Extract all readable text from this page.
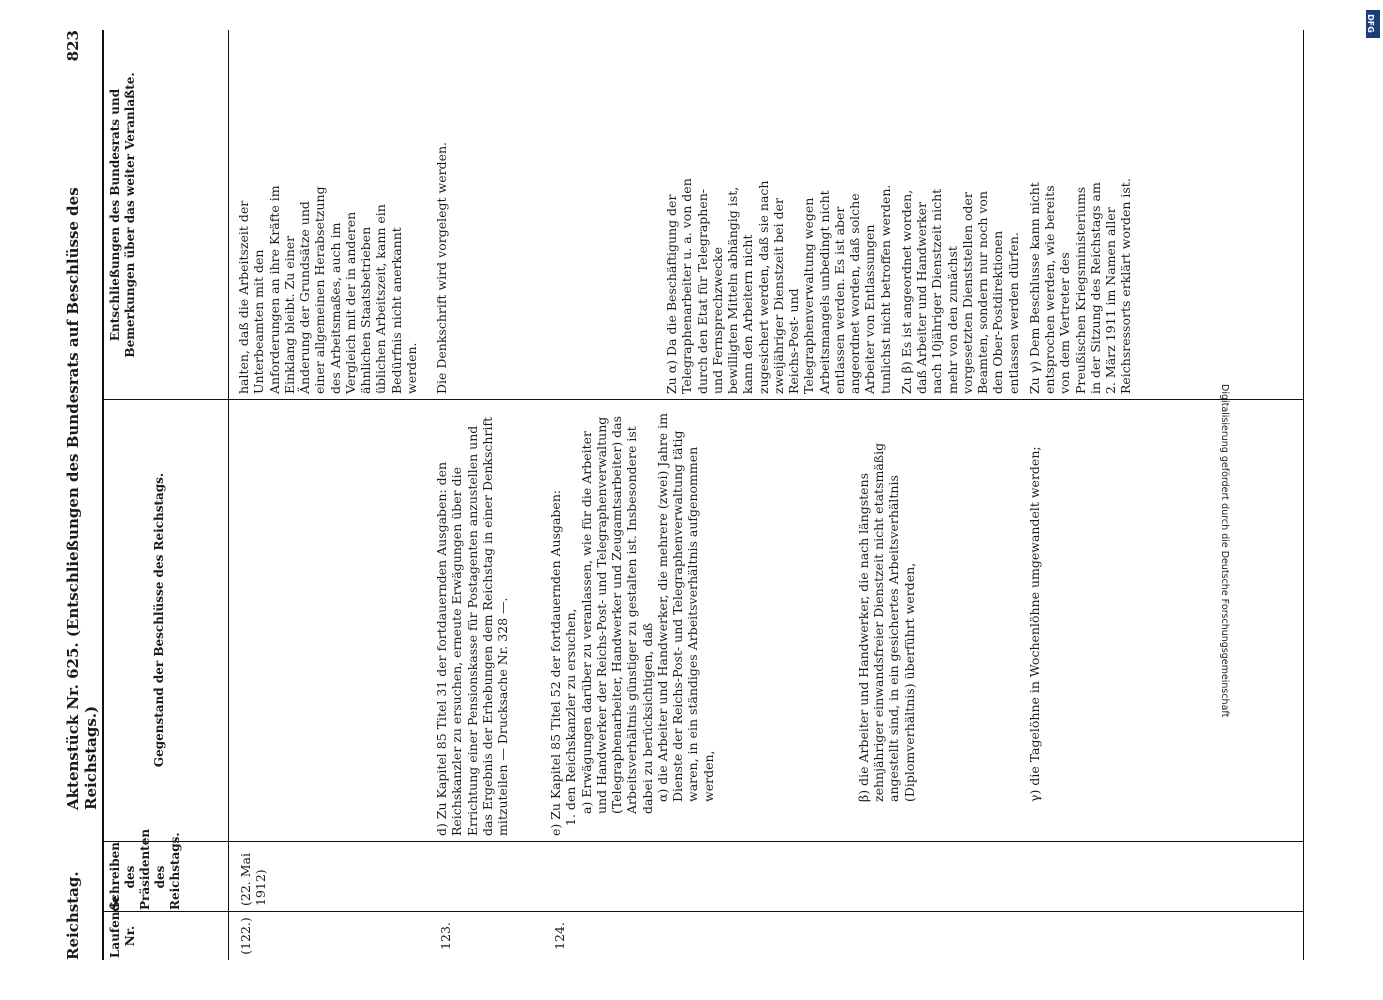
Reichstag.
Aktenstück Nr. 625. (Entschließungen des Bundesrats auf Beschlüsse des Reichstags.)
823
Laufende Nr.
Schreiben des Präsidenten des Reichstags.
Gegenstand der Beschlüsse des Reichstags.
Entschließungen des Bundesrats und Bemerkungen über das weiter Veranlaßte.
(122.)
(22. Mai 1912)

halten, daß die Arbeitszeit der Unterbeamten mit den Anforderungen an ihre Kräfte im Einklang bleibt. Zu einer Änderung der Grundsätze und einer allgemeinen Herabsetzung des Arbeitsmaßes, auch im Vergleich mit der in anderen ähnlichen Staatsbetrieben üblichen Arbeitszeit, kann ein Bedürfnis nicht anerkannt werden.

123.

d) Zu Kapitel 85 Titel 31 der fortdauernden Ausgaben: den Reichskanzler zu ersuchen, erneute Erwägungen über die Errichtung einer Pensionskasse für Postagenten anzustellen und das Ergebnis der Erhebungen dem Reichstag in einer Denkschrift mitzuteilen — Drucksache Nr. 328 —.

Die Denkschrift wird vorgelegt werden.

124.

e) Zu Kapitel 85 Titel 52 der fortdauernden Ausgaben: 1. den Reichskanzler zu ersuchen, a) Erwägungen darüber zu veranlassen, wie für die Arbeiter und Handwerker der Reichs-Post- und Telegraphenverwaltung (Telegraphenarbeiter, Handwerker und Zeugamtsarbeiter) das Arbeitsverhältnis günstiger zu gestalten ist. Insbesondere ist dabei zu berücksichtigen, daß α) die Arbeiter und Handwerker, die mehrere (zwei) Jahre im Dienste der Reichs-Post- und Telegraphenverwaltung tätig waren, in ein ständiges Arbeitsverhältnis aufgenommen werden,	β) die Arbeiter und Handwerker, die nach längstens zehnjähriger einwandsfreier Dienstzeit nicht etatsmäßig angestellt sind, in ein gesichertes Arbeitsverhältnis (Diplomverhältnis) überführt werden,	γ) die Tagelöhne in Wochenlöhne umgewandelt werden;

Zu α) Da die Beschäftigung der Telegraphenarbeiter u. a. von den durch den Etat für Telegraphen- und Fernsprechzwecke bewilligten Mitteln abhängig ist, kann den Arbeitern nicht zugesichert werden, daß sie nach zweijähriger Dienstzeit bei der Reichs-Post- und Telegraphenverwaltung wegen Arbeitsmangels unbedingt nicht entlassen werden. Es ist aber angeordnet worden, daß solche Arbeiter von Entlassungen tunlichst nicht betroffen werden. Zu β) Es ist angeordnet worden, daß Arbeiter und Handwerker nach 10jähriger Dienstzeit nicht mehr von den zunächst vorgesetzten Dienststellen oder Beamten, sondern nur noch von den Ober-Postdirektionen entlassen werden dürfen. Zu γ) Dem Beschlusse kann nicht entsprochen werden, wie bereits von dem Vertreter des Preußischen Kriegsministeriums in der Sitzung des Reichstags am 2. März 1911 im Namen aller Reichsressorts erklärt worden ist.

DFG
Digitalisierung gefördert durch die Deutsche Forschungsgemeinschaft
